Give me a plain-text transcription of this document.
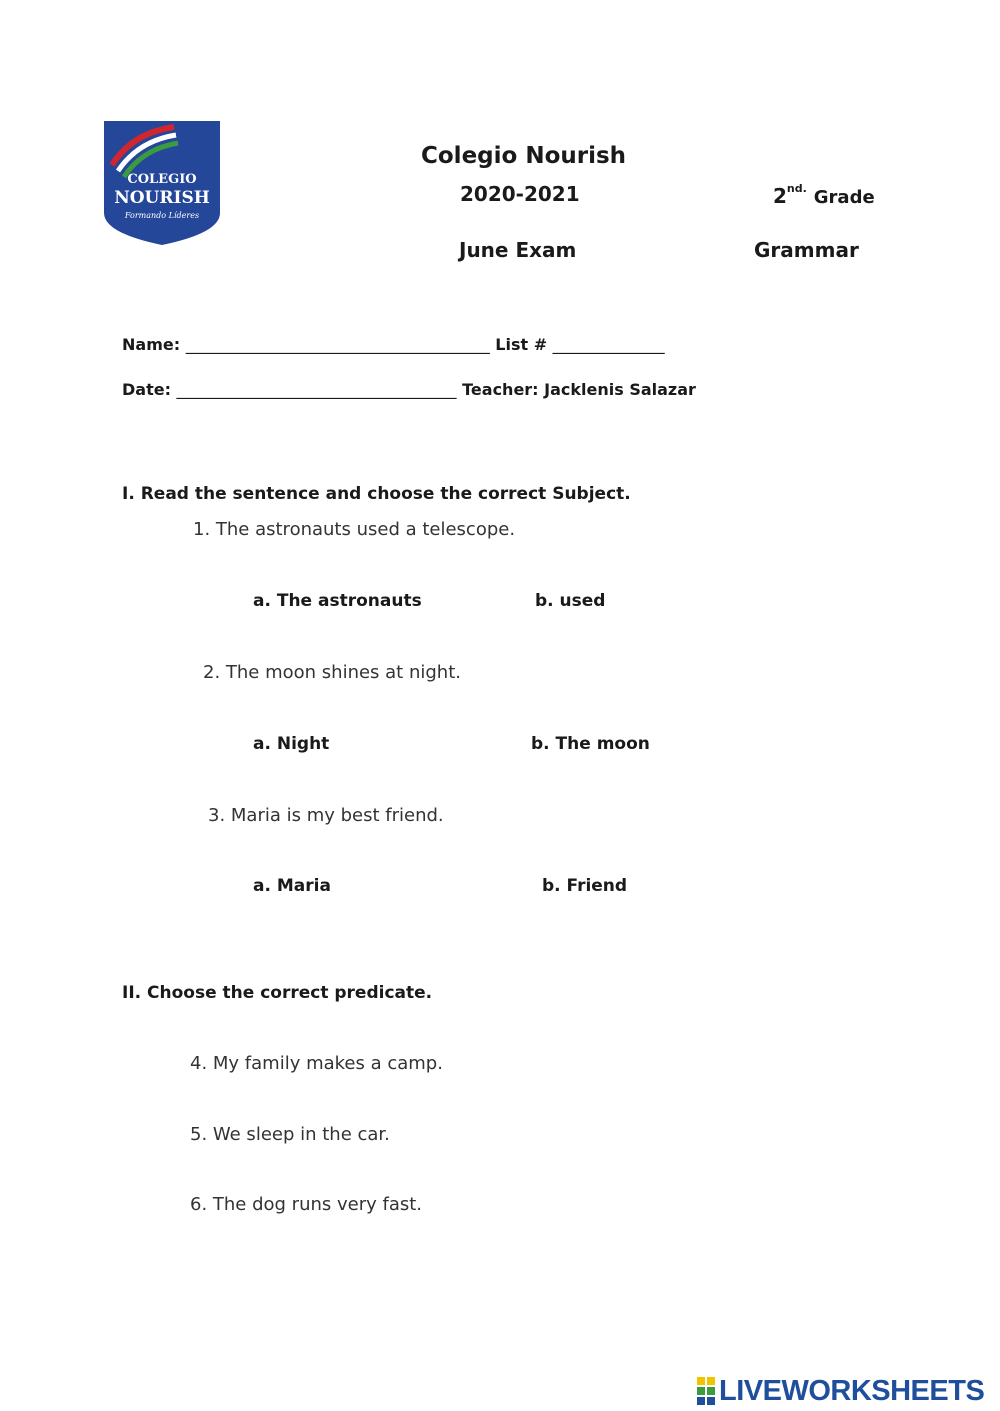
COLEGIO
NOURISH
Formando Líderes
Colegio Nourish
2020-2021	$2^{nd.}$ Grade
June Exam	Grammar
Name: ______________________________________ List # ______________
Date: ___________________________________ Teacher: Jacklenis Salazar
I. Read the sentence and choose the correct Subject.
1. The astronauts used a telescope.
a. The astronauts	b. used
2. The moon shines at night.
a. Night	b. The moon
3. Maria is my best friend.
a. Maria	b. Friend
II. Choose the correct predicate.
4. My family makes a camp.
5. We sleep in the car.
6. The dog runs very fast.
LIVEWORKSHEETS
